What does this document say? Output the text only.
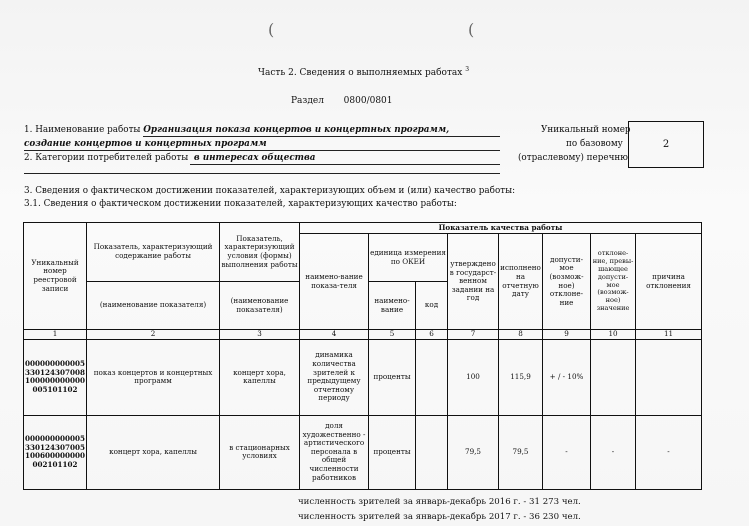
(	(
Часть 2. Сведения о выполняемых работах $^3$
Раздел 0800/0801
1. Наименование работы Организация показа концертов и концертных программ,
создание концертов и концертных программ
2. Категории потребителей работы в интересах общества
Уникальный номер
по базовому
(отраслевому) перечню
2
3. Сведения о фактическом достижении показателей, характеризующих объем и (или) качество работы:
3.1. Сведения о фактическом достижении показателей, характеризующих качество работы:
Уникальный номер реестровой записи	Показатель, характеризующий содержание работы	Показатель, характеризующий условия (формы) выполнения работы	Показатель качества работы							
			наимено-вание показа-теля	единица измерения по ОКЕИ		утверждено в государст-венном задании на год	исполнено на отчетную дату	допусти-мое (возмож-ное) отклоне-ние	отклоне-ние, превы-шающее допусти-мое (возмож-ное) значение	причина отклонения
	(наименование показателя)	(наименование показателя)		наимено-вание	код					
1	2	3	4	5	6	7	8	9	10	11
000000000005 330124307008 100000000000 005101102	показ концертов и концертных программ	концерт хора, капеллы	динамика количества зрителей к предыдущему отчетному периоду	проценты		100	115,9	+ / - 10%		
000000000005 330124307005 100600000000 002101102	концерт хора, капеллы	в стационарных условиях	доля художественно - артистического персонала в общей численности работников	проценты		79,5	79,5	-	-	-
численность зрителей за январь-декабрь 2016 г. - 31 273 чел.
численность зрителей за январь-декабрь 2017 г. - 36 230 чел.
